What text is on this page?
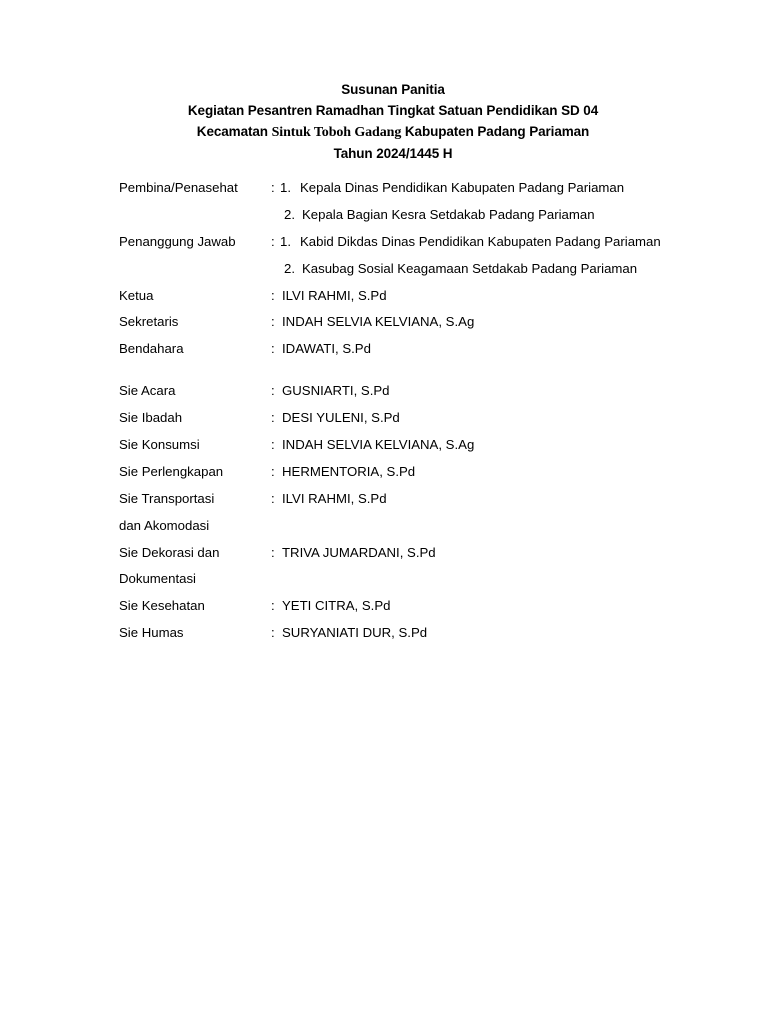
Susunan Panitia
Kegiatan Pesantren Ramadhan Tingkat Satuan Pendidikan SD 04
Kecamatan Sintuk Toboh Gadang Kabupaten Padang Pariaman
Tahun 2024/1445 H
Pembina/Penasehat	: 1. Kepala Dinas Pendidikan Kabupaten Padang Pariaman
2. Kepala Bagian Kesra Setdakab Padang Pariaman
Penanggung Jawab	: 1. Kabid Dikdas Dinas Pendidikan Kabupaten Padang Pariaman
2. Kasubag Sosial Keagamaan Setdakab Padang Pariaman
Ketua	: ILVI RAHMI, S.Pd
Sekretaris	: INDAH SELVIA KELVIANA, S.Ag
Bendahara	: IDAWATI, S.Pd
Sie Acara	: GUSNIARTI, S.Pd
Sie Ibadah	: DESI YULENI, S.Pd
Sie Konsumsi	: INDAH SELVIA KELVIANA, S.Ag
Sie Perlengkapan	: HERMENTORIA, S.Pd
Sie Transportasi	: ILVI RAHMI, S.Pd
dan Akomodasi
Sie Dekorasi dan	: TRIVA JUMARDANI, S.Pd
Dokumentasi
Sie Kesehatan	: YETI CITRA, S.Pd
Sie Humas	: SURYANIATI DUR, S.Pd
